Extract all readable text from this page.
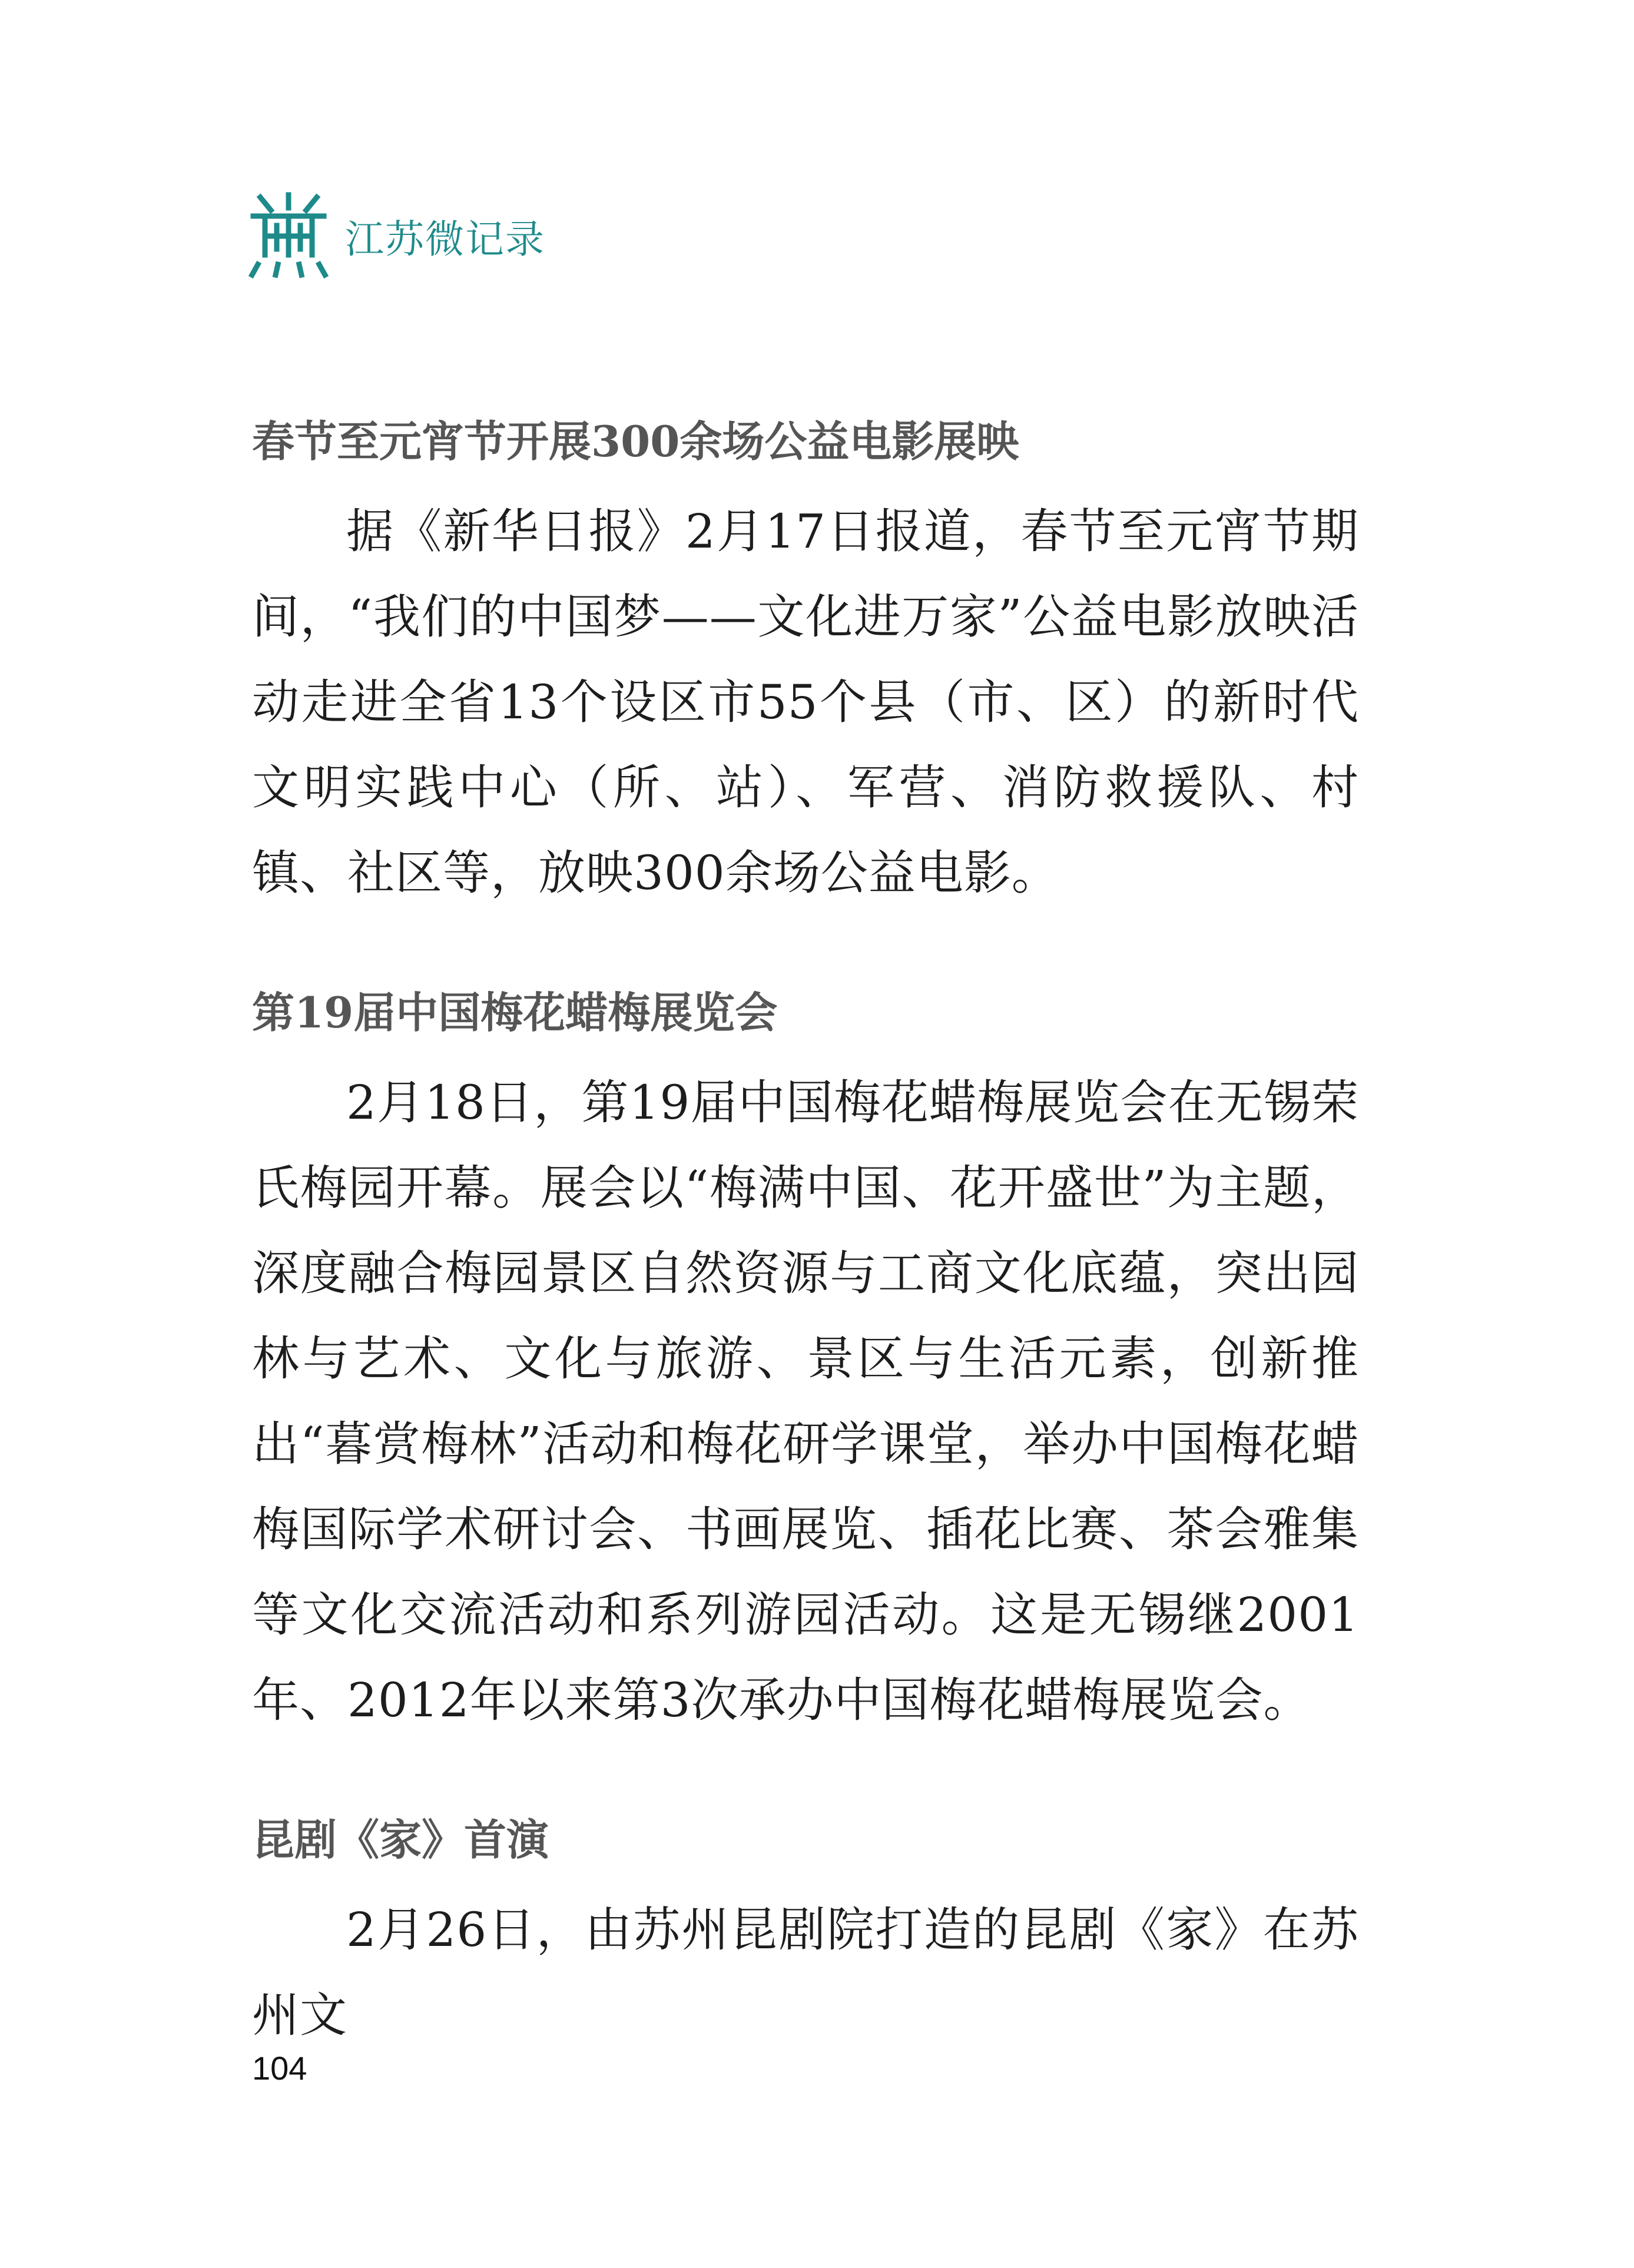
江苏微记录
春节至元宵节开展300余场公益电影展映

据《新华日报》2月17日报道，春节至元宵节期间，“我们的中国梦——文化进万家”公益电影放映活动走进全省13个设区市55个县（市、区）的新时代文明实践中心（所、站）、军营、消防救援队、村镇、社区等，放映300余场公益电影。

第19届中国梅花蜡梅展览会

2月18日，第19届中国梅花蜡梅展览会在无锡荣氏梅园开幕。展会以“梅满中国、花开盛世”为主题，深度融合梅园景区自然资源与工商文化底蕴，突出园林与艺术、文化与旅游、景区与生活元素，创新推出“暮赏梅林”活动和梅花研学课堂，举办中国梅花蜡梅国际学术研讨会、书画展览、插花比赛、茶会雅集等文化交流活动和系列游园活动。这是无锡继2001年、2012年以来第3次承办中国梅花蜡梅展览会。

昆剧《家》首演

2月26日，由苏州昆剧院打造的昆剧《家》在苏州文

104
